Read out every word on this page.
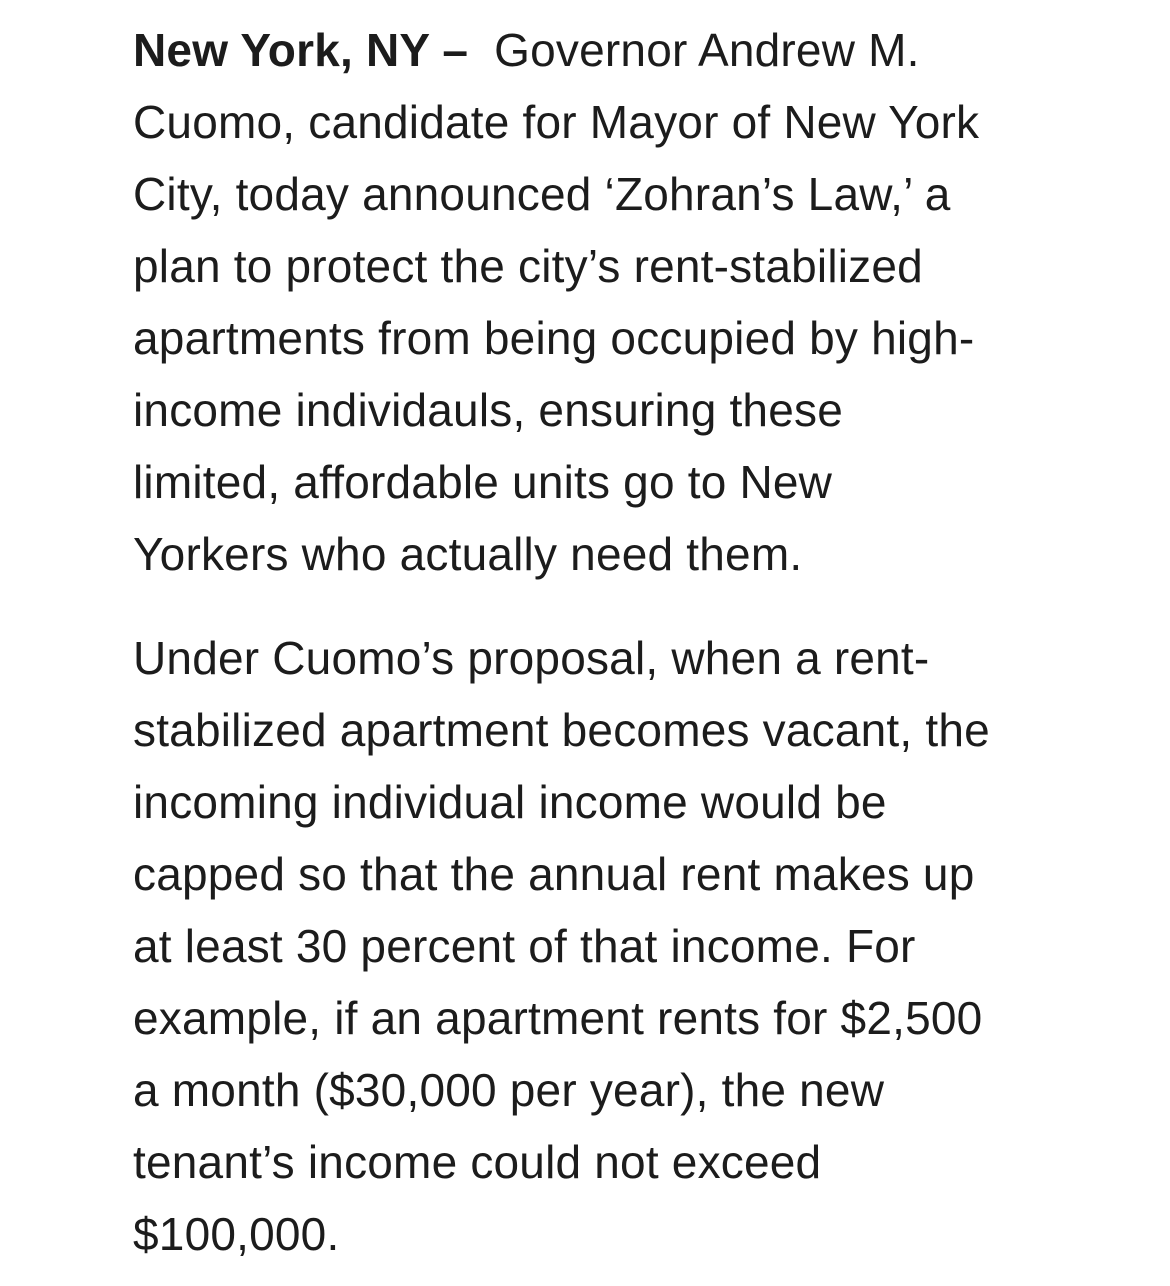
New York, NY – Governor Andrew M.
Cuomo, candidate for Mayor of New York
City, today announced ‘Zohran’s Law,’ a
plan to protect the city’s rent-stabilized
apartments from being occupied by high-
income individauls, ensuring these
limited, affordable units go to New
Yorkers who actually need them.

Under Cuomo’s proposal, when a rent-
stabilized apartment becomes vacant, the
incoming individual income would be
capped so that the annual rent makes up
at least 30 percent of that income. For
example, if an apartment rents for $2,500
a month ($30,000 per year), the new
tenant’s income could not exceed
$100,000.
